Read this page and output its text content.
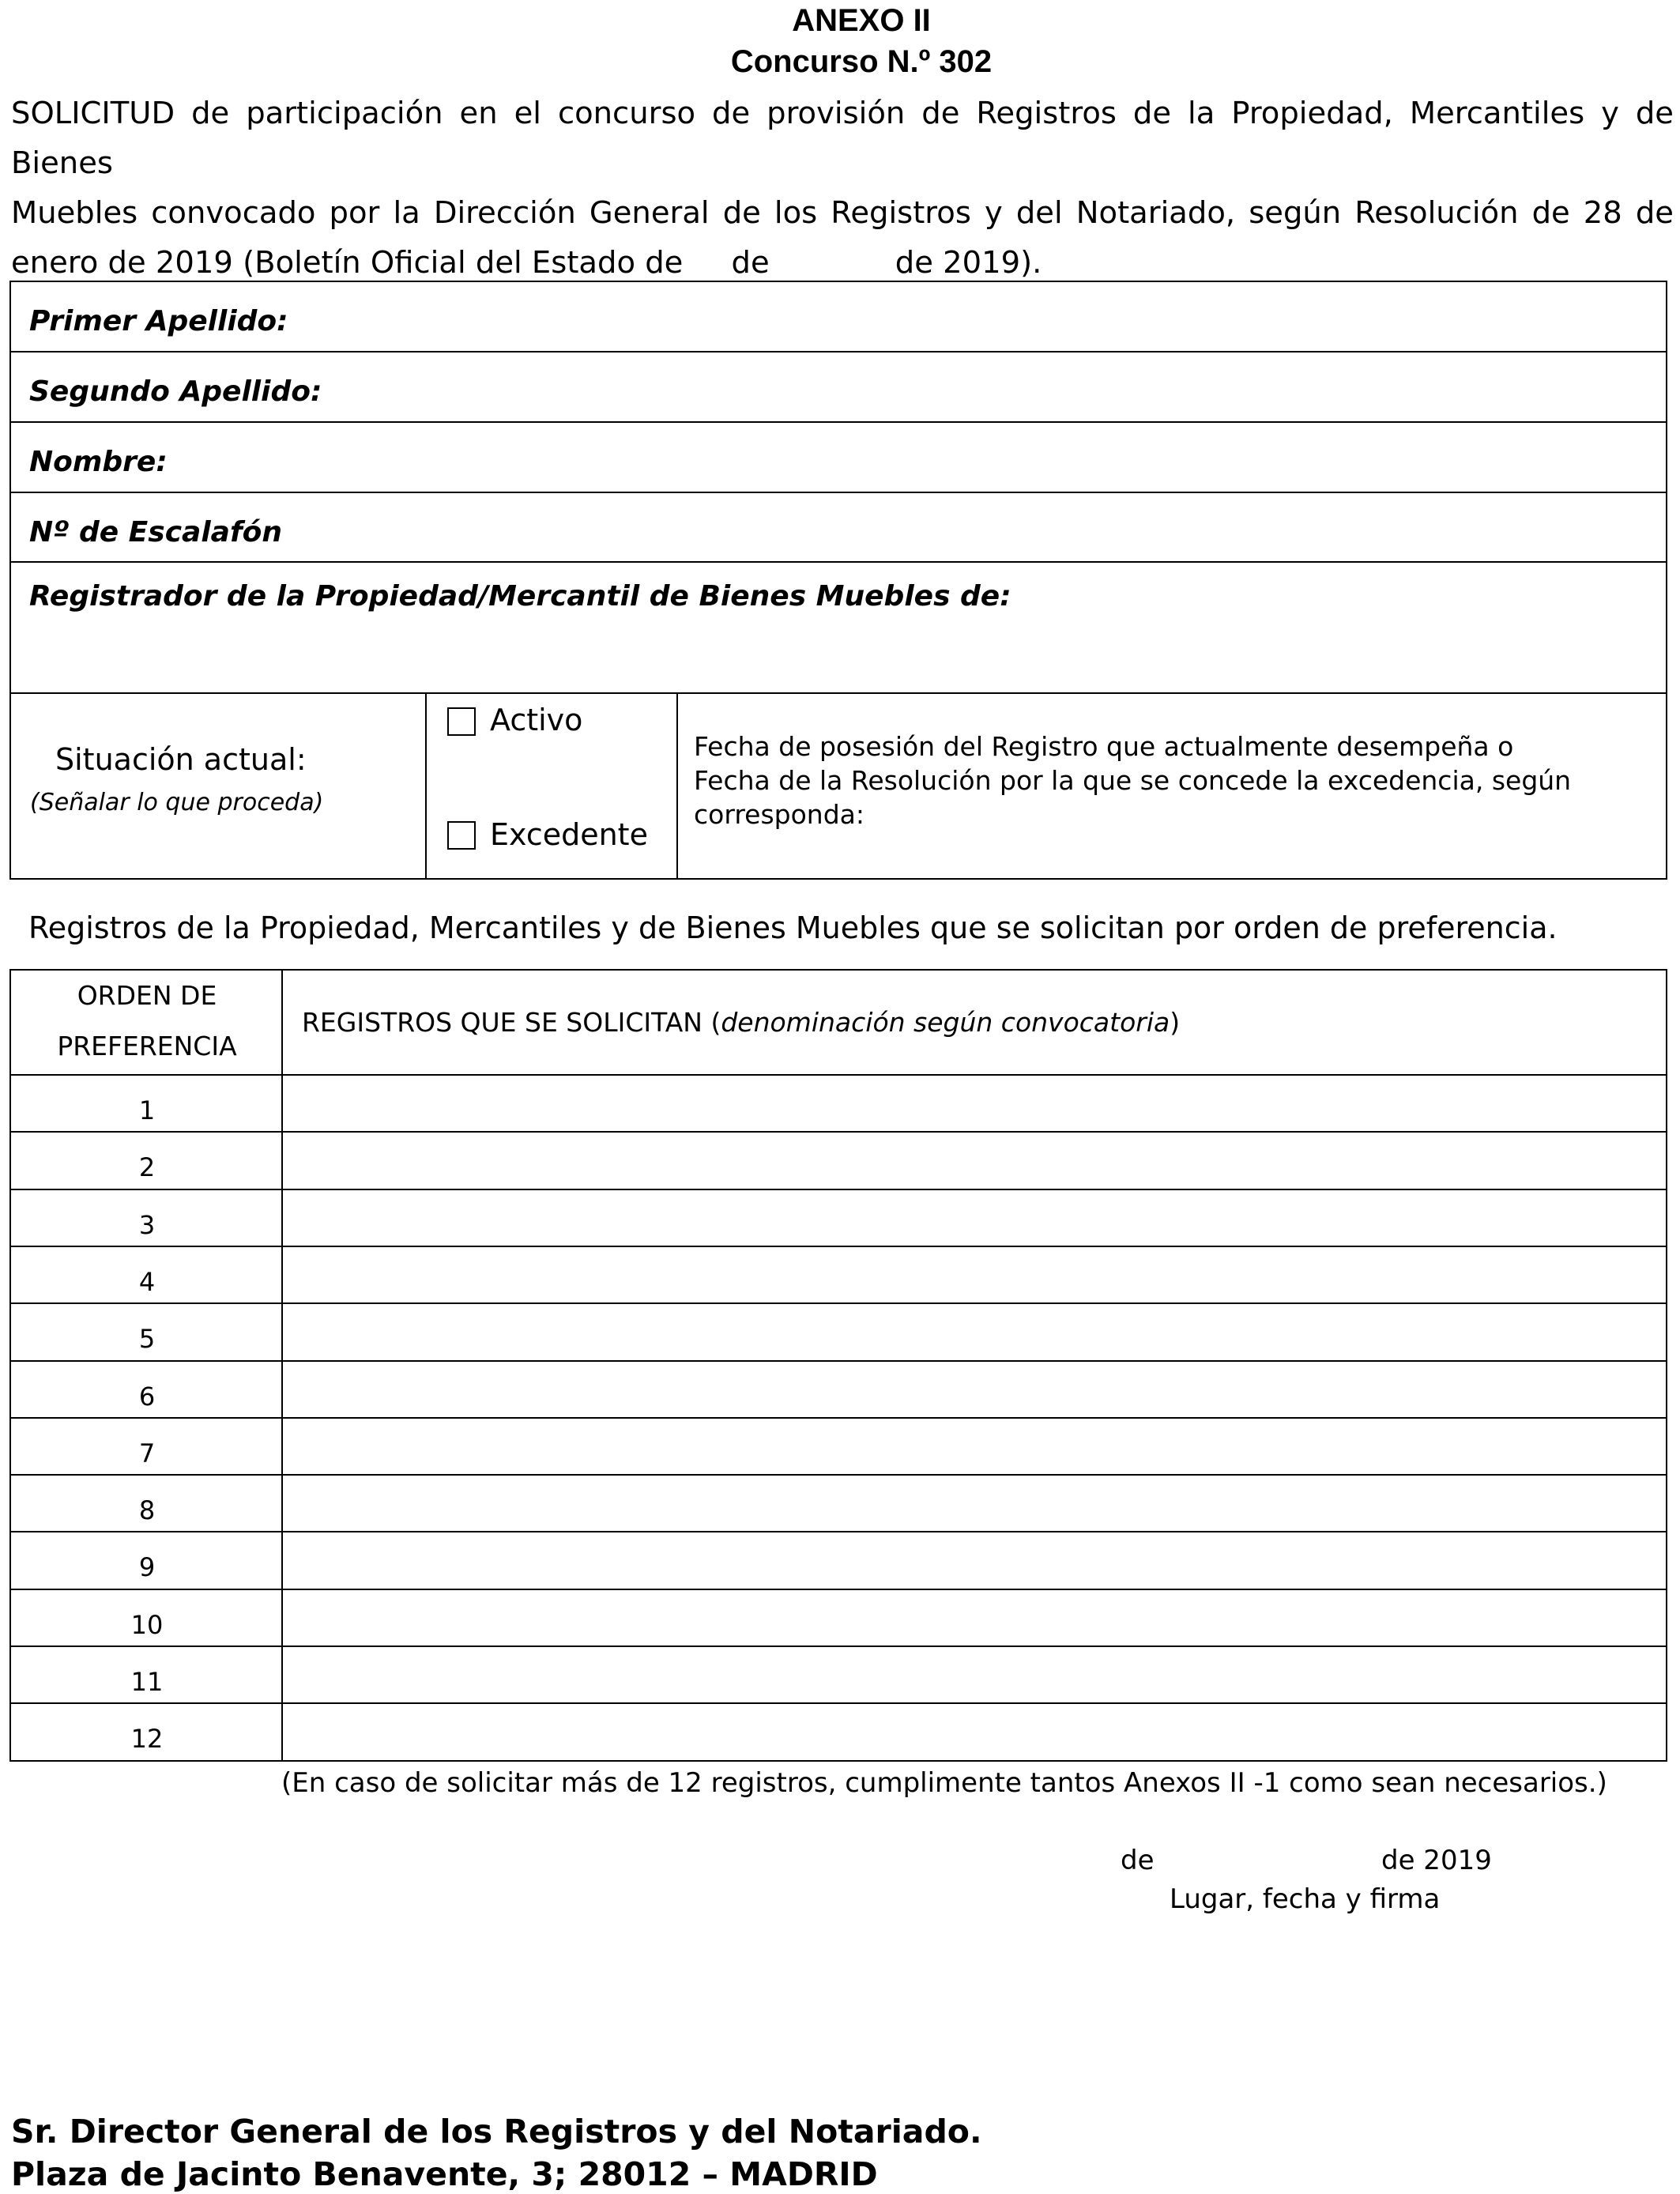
ANEXO II
Concurso N.º 302
SOLICITUD de participación en el concurso de provisión de Registros de la Propiedad, Mercantiles y de Bienes
Muebles convocado por la Dirección General de los Registros y del Notariado, según Resolución de 28 de
enero de 2019 (Boletín Oficial del Estado de     de             de 2019).
Primer Apellido:
Segundo Apellido:
Nombre:
Nº de Escalafón
Registrador de la Propiedad/Mercantil de Bienes Muebles de:
Situación actual:
(Señalar lo que proceda)
Activo
Excedente
Fecha de posesión del Registro que actualmente desempeña o
Fecha de la Resolución por la que se concede la excedencia, según
corresponda:
Registros de la Propiedad, Mercantiles y de Bienes Muebles que se solicitan por orden de preferencia.
ORDEN DE
PREFERENCIA
REGISTROS QUE SE SOLICITAN (denominación según convocatoria)
1
2
3
4
5
6
7
8
9
10
11
12
(En caso de solicitar más de 12 registros, cumplimente tantos Anexos II -1 como sean necesarios.)
de	de 2019
Lugar, fecha y firma
Sr. Director General de los Registros y del Notariado.
Plaza de Jacinto Benavente, 3; 28012 – MADRID
